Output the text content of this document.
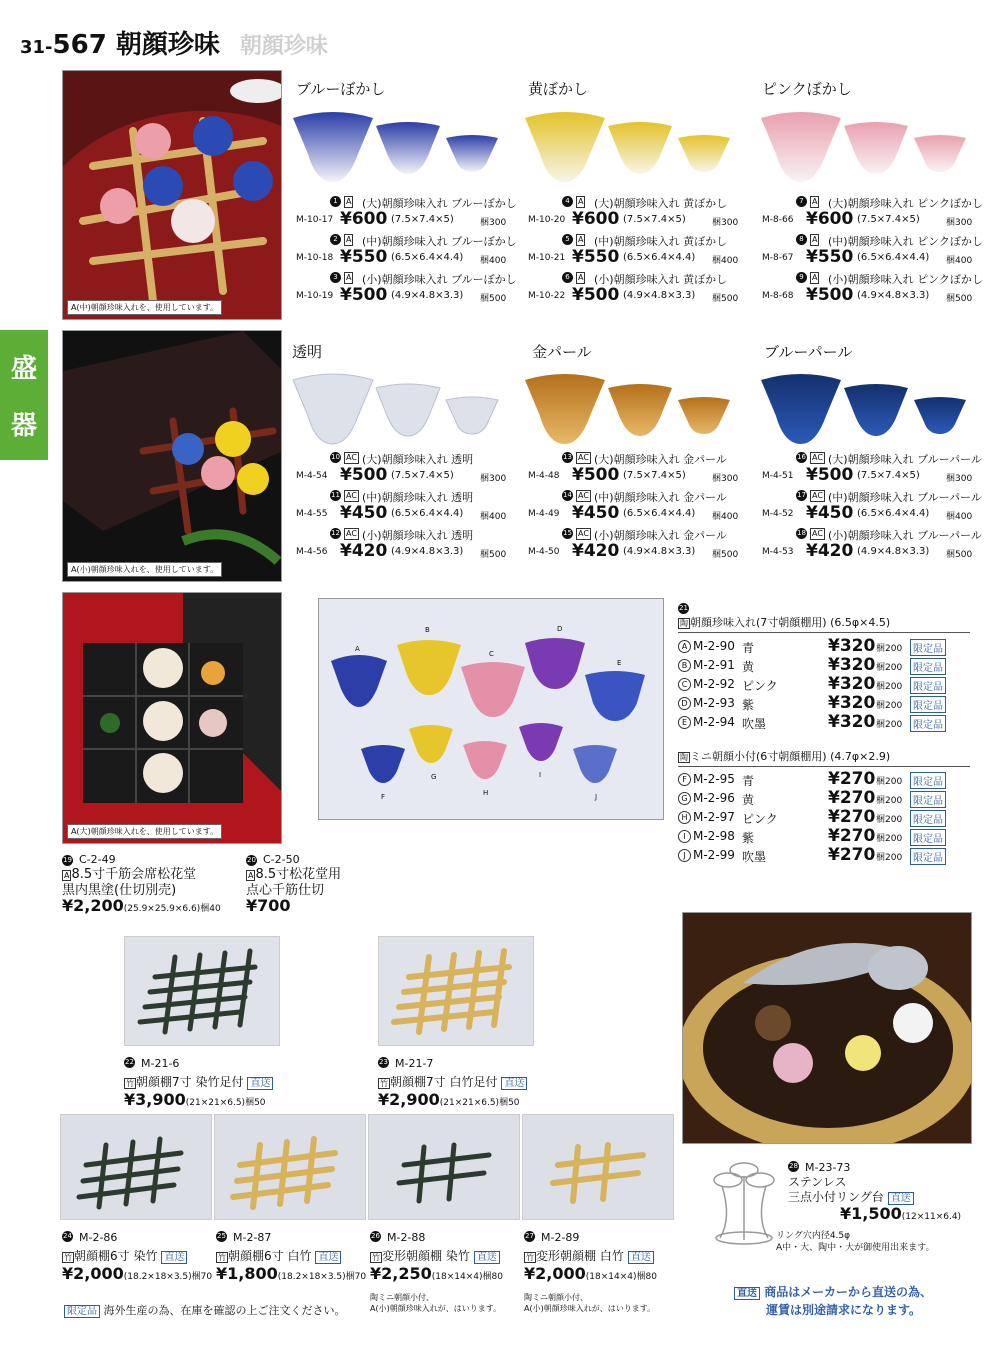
31-567 朝顔珍味 朝顔珍味
盛
器
A(中)朝顔珍味入れを、使用しています。
A(小)朝顔珍味入れを、使用しています。
A(大)朝顔珍味入れを、使用しています。
ブルーぼかし	黄ぼかし	ピンクぼかし
1	A (大)朝顔珍味入れ ブルーぼかし
M-10-17 ¥600 (7.5×7.4×5)	梱300
2	A (中)朝顔珍味入れ ブルーぼかし
M-10-18 ¥550 (6.5×6.4×4.4) 梱400
3	A (小)朝顔珍味入れ ブルーぼかし
M-10-19 ¥500 (4.9×4.8×3.3) 梱500
4	A (大)朝顔珍味入れ 黄ぼかし
M-10-20 ¥600 (7.5×7.4×5)	梱300
5	A (中)朝顔珍味入れ 黄ぼかし
M-10-21 ¥550 (6.5×6.4×4.4) 梱400
6	A (小)朝顔珍味入れ 黄ぼかし
M-10-22 ¥500 (4.9×4.8×3.3) 梱500
7	A (大)朝顔珍味入れ ピンクぼかし
M-8-66 ¥600 (7.5×7.4×5)	梱300
8	A (中)朝顔珍味入れ ピンクぼかし
M-8-67 ¥550 (6.5×6.4×4.4) 梱400
9	A (小)朝顔珍味入れ ピンクぼかし
M-8-68 ¥500 (4.9×4.8×3.3) 梱500
透明	金パール	ブルーパール
10 AC (大)朝顔珍味入れ 透明
M-4-54 ¥500 (7.5×7.4×5)	梱300
11 AC (中)朝顔珍味入れ 透明
M-4-55 ¥450 (6.5×6.4×4.4) 梱400
12 AC (小)朝顔珍味入れ 透明
M-4-56 ¥420 (4.9×4.8×3.3) 梱500
13 AC (大)朝顔珍味入れ 金パール
M-4-48 ¥500 (7.5×7.4×5)	梱300
14 AC (中)朝顔珍味入れ 金パール
M-4-49 ¥450 (6.5×6.4×4.4) 梱400
15 AC (小)朝顔珍味入れ 金パール
M-4-50 ¥420 (4.9×4.8×3.3) 梱500
16 AC (大)朝顔珍味入れ ブルーパール
M-4-51 ¥500 (7.5×7.4×5)	梱300
17 AC (中)朝顔珍味入れ ブルーパール
M-4-52 ¥450 (6.5×6.4×4.4) 梱400
18 AC (小)朝顔珍味入れ ブルーパール
M-4-53 ¥420 (4.9×4.8×3.3) 梱500
A
B
C
D
E
F
G
H
I
J
21
陶 朝顔珍味入れ(7寸朝顔棚用) (6.5φ×4.5)
A M-2-90 青	¥320 梱200	限定品
B M-2-91 黄	¥320 梱200	限定品
C M-2-92 ピンク	¥320 梱200	限定品
D M-2-93 紫	¥320 梱200	限定品
E M-2-94 吹墨	¥320 梱200	限定品
陶 ミニ朝顔小付(6寸朝顔棚用) (4.7φ×2.9)
F M-2-95 青	¥270 梱200	限定品
G M-2-96 黄	¥270 梱200	限定品
H M-2-97 ピンク	¥270 梱200	限定品
I M-2-98 紫	¥270 梱200	限定品
J M-2-99 吹墨	¥270 梱200	限定品
19 C-2-49
A 8.5寸千筋会席松花堂
黒内黒塗(仕切別売)
¥2,200(25.9×25.9×6.6)梱40
20 C-2-50
A 8.5寸松花堂用
点心千筋仕切
¥700
22 M-21-6
竹 朝顔棚7寸 染竹足付 直送
¥3,900(21×21×6.5)梱50
23 M-21-7
竹 朝顔棚7寸 白竹足付 直送
¥2,900(21×21×6.5)梱50
28 M-23-73
ステンレス
三点小付リング台 直送
¥1,500(12×11×6.4)
リング穴内径4.5φ
A中・大、陶中・大が御使用出来ます。
24 M-2-86
竹 朝顔棚6寸 染竹 直送
¥2,000(18.2×18×3.5)梱70
25 M-2-87
竹 朝顔棚6寸 白竹 直送
¥1,800(18.2×18×3.5)梱70
26 M-2-88
竹 変形朝顔棚 染竹 直送
¥2,250(18×14×4)梱80
27 M-2-89
竹 変形朝顔棚 白竹 直送
¥2,000(18×14×4)梱80
陶ミニ朝顔小付、
A(小)朝顔珍味入れが、はいります。
陶ミニ朝顔小付、
A(小)朝顔珍味入れが、はいります。
限定品 海外生産の為、在庫を確認の上ご注文ください。
直送 商品はメーカーから直送の為、
運賃は別途請求になります。
